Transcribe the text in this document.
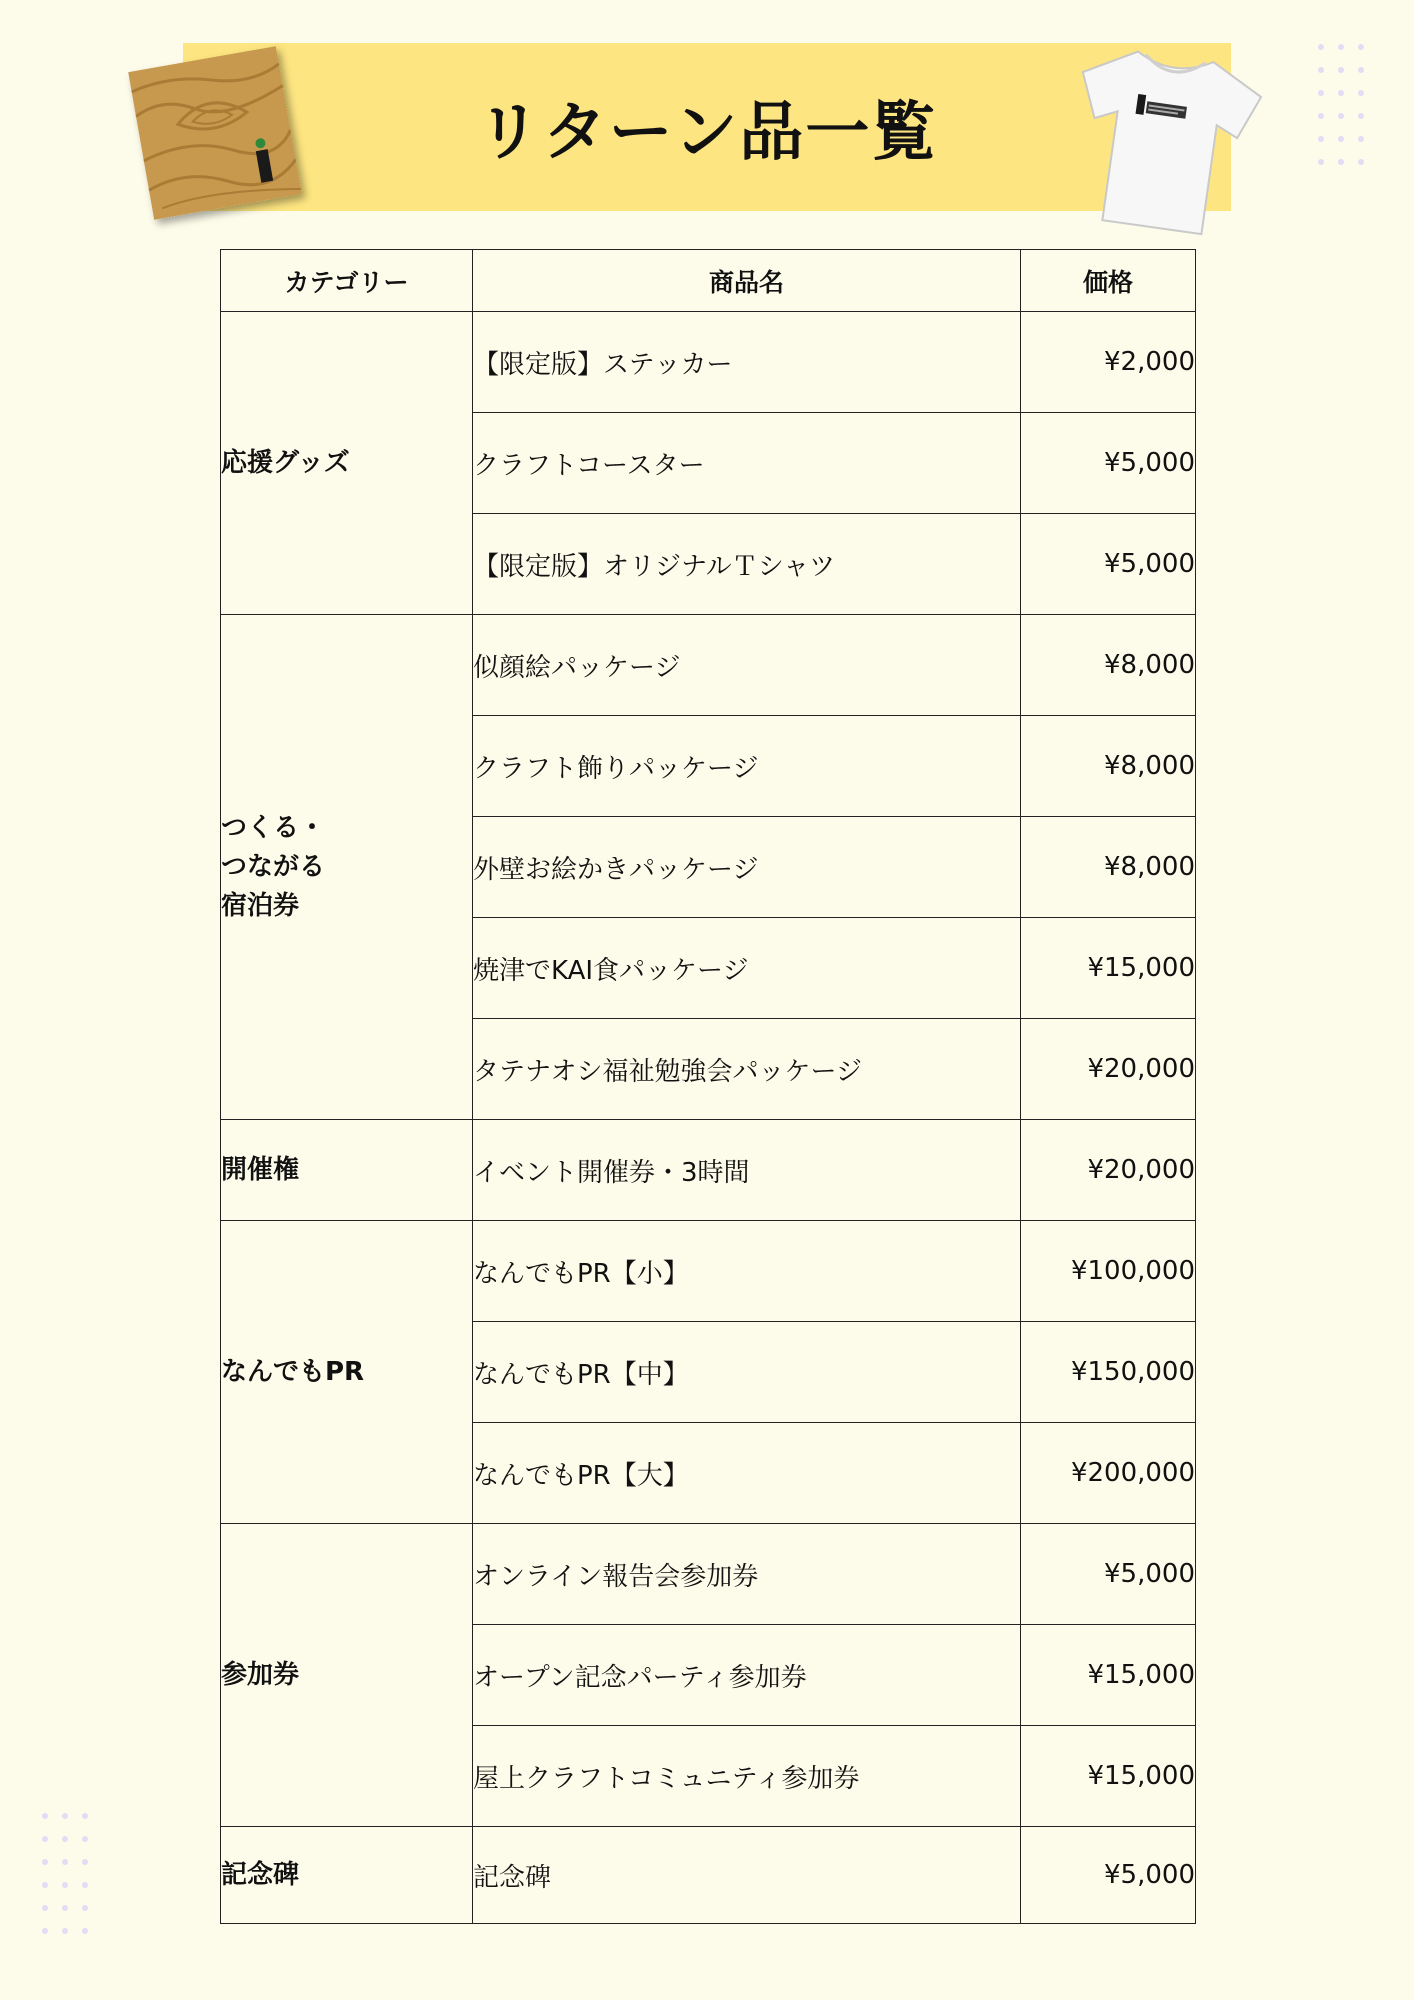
リターン品一覧
カテゴリー	商品名	価格
応援グッズ	【限定版】ステッカー	¥2,000
	クラフトコースター	¥5,000
	【限定版】オリジナルＴシャツ	¥5,000

つくる・
つながる
宿泊券	似顔絵パッケージ	¥8,000
	クラフト飾りパッケージ	¥8,000
	外壁お絵かきパッケージ	¥8,000
	焼津でKAI食パッケージ	¥15,000
	タテナオシ福祉勉強会パッケージ	¥20,000
開催権	イベント開催券・3時間	¥20,000
なんでもPR	なんでもPR【小】	¥100,000
	なんでもPR【中】	¥150,000
	なんでもPR【大】	¥200,000
参加券	オンライン報告会参加券	¥5,000
	オープン記念パーティ参加券	¥15,000
	屋上クラフトコミュニティ参加券	¥15,000
記念碑	記念碑	¥5,000
